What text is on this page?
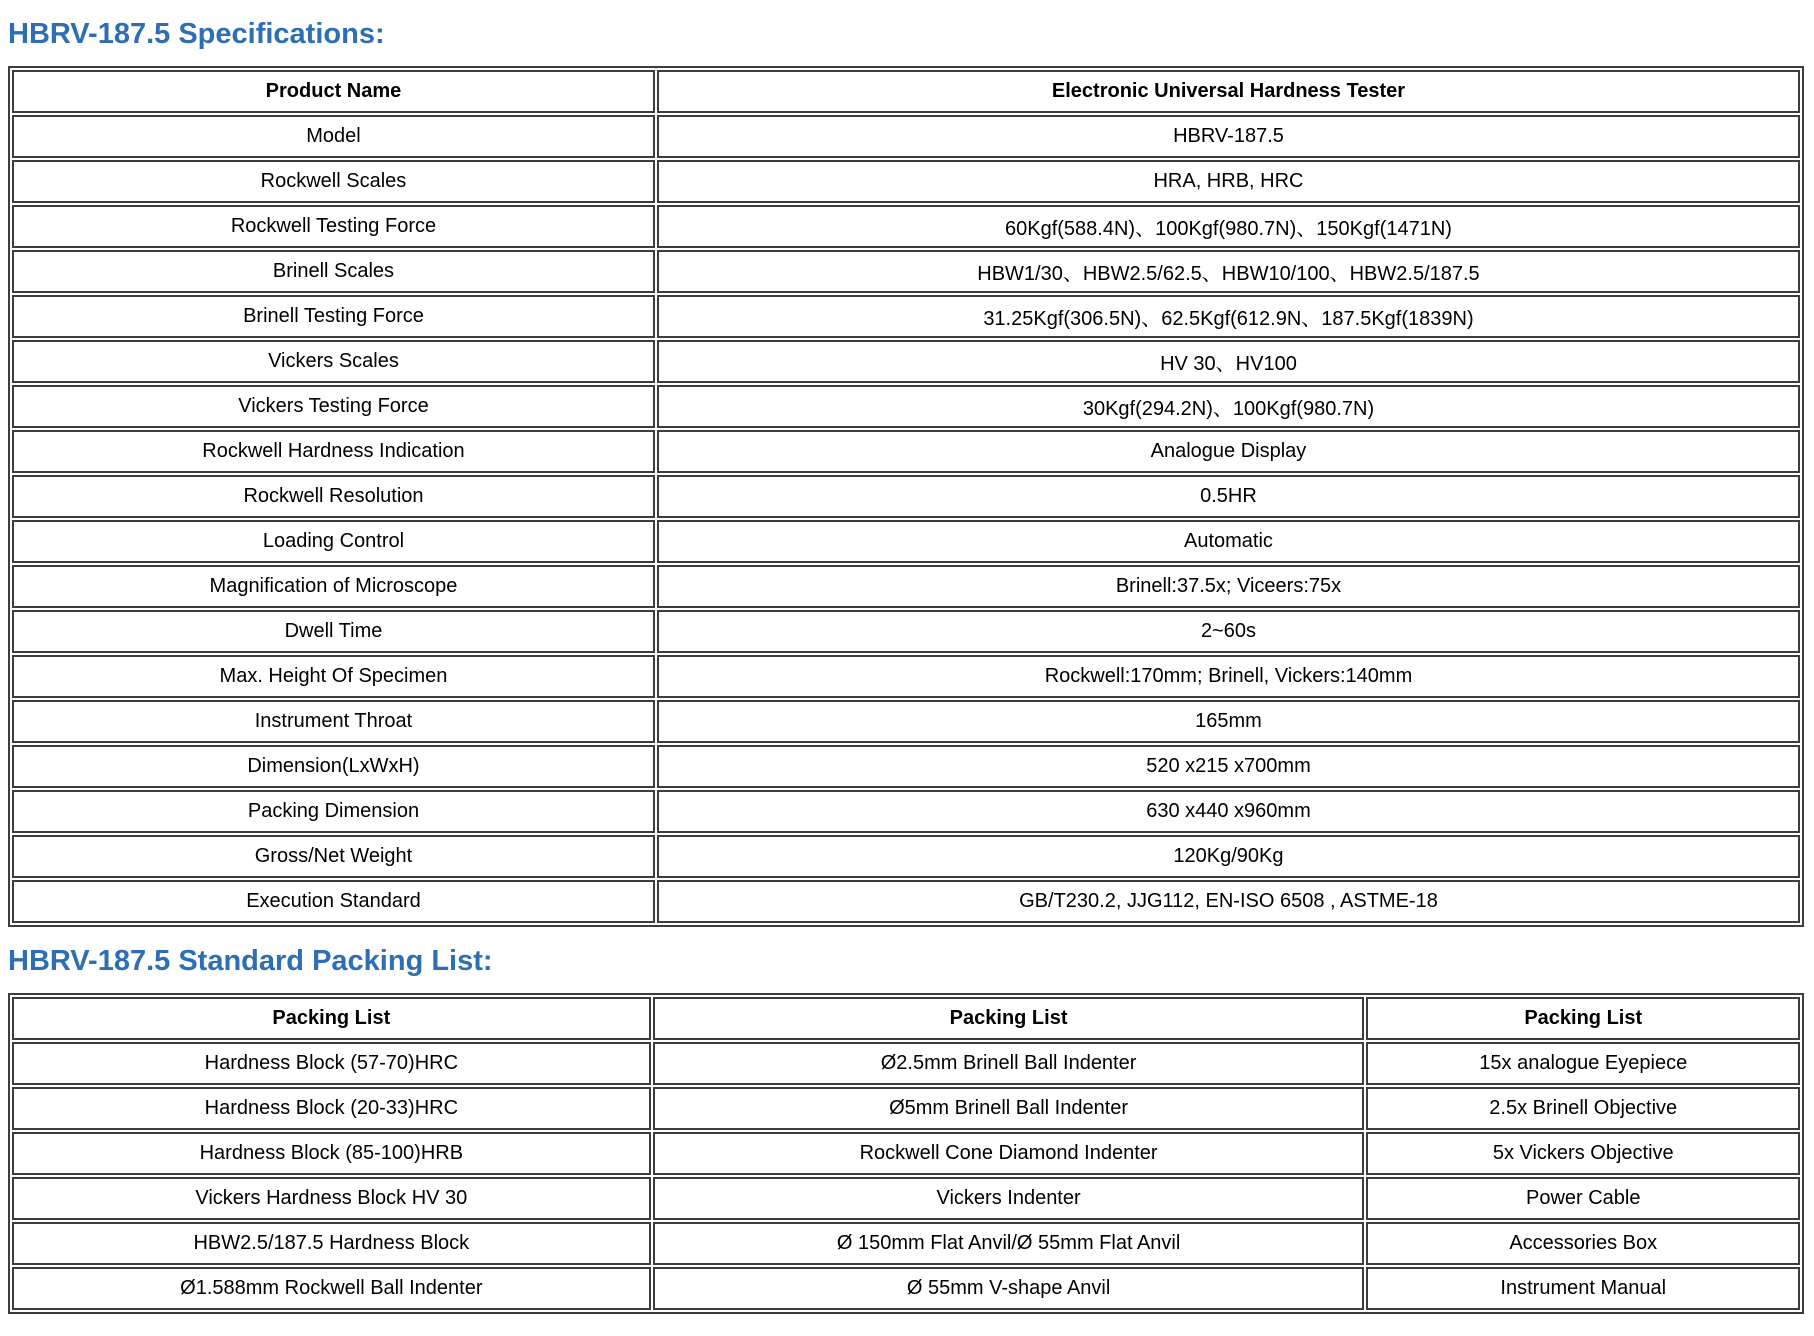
HBRV-187.5 Specifications:
Product Name	Electronic Universal Hardness Tester
Model	HBRV-187.5
Rockwell Scales	HRA, HRB, HRC
Rockwell Testing Force	60Kgf(588.4N)、100Kgf(980.7N)、150Kgf(1471N)
Brinell Scales	HBW1/30、HBW2.5/62.5、HBW10/100、HBW2.5/187.5
Brinell Testing Force	31.25Kgf(306.5N)、62.5Kgf(612.9N、187.5Kgf(1839N)
Vickers Scales	HV 30、HV100
Vickers Testing Force	30Kgf(294.2N)、100Kgf(980.7N)
Rockwell Hardness Indication	Analogue Display
Rockwell Resolution	0.5HR
Loading Control	Automatic
Magnification of Microscope	Brinell:37.5x; Viceers:75x
Dwell Time	2~60s
Max. Height Of Specimen	Rockwell:170mm; Brinell, Vickers:140mm
Instrument Throat	165mm
Dimension(LxWxH)	520 x215 x700mm
Packing Dimension	630 x440 x960mm
Gross/Net Weight	120Kg/90Kg
Execution Standard	GB/T230.2, JJG112, EN-ISO 6508 , ASTME-18
HBRV-187.5 Standard Packing List:
Packing List	Packing List	Packing List
Hardness Block (57-70)HRC	Ø2.5mm Brinell Ball Indenter	15x analogue Eyepiece
Hardness Block (20-33)HRC	Ø5mm Brinell Ball Indenter	2.5x Brinell Objective
Hardness Block (85-100)HRB	Rockwell Cone Diamond Indenter	5x Vickers Objective
Vickers Hardness Block HV 30	Vickers Indenter	Power Cable
HBW2.5/187.5 Hardness Block	Ø 150mm Flat Anvil/Ø 55mm Flat Anvil	Accessories Box
Ø1.588mm Rockwell Ball Indenter	Ø 55mm V-shape Anvil	Instrument Manual
